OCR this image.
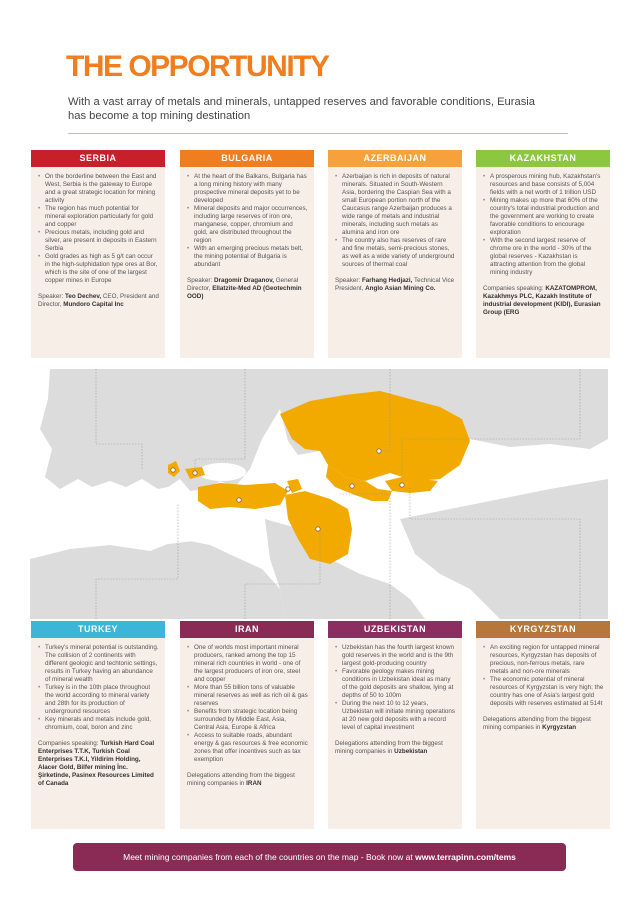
THE OPPORTUNITY
With a vast array of metals and minerals, untapped reserves and favorable conditions, Eurasia has become a top mining destination
SERBIA
• On the borderline between the East and West, Serbia is the gateway to Europe and a great strategic location for mining activity
• The region has much potential for mineral exploration particularly for gold and copper
• Precious metals, including gold and silver, are present in deposits in Eastern Serbia
• Gold grades as high as 5 g/t can occur in the high-sulphidation type ores at Bor, which is the site of one of the largest copper mines in Europe
Speaker: Teo Dechev, CEO, President and Director, Mundoro Capital Inc
BULGARIA
• At the heart of the Balkans, Bulgaria has a long mining history with many prospective mineral deposits yet to be developed
• Mineral deposits and major occurrences, including large reserves of iron ore, manganese, copper, chromium and gold, are distributed throughout the region
• With an emerging precious metals belt, the mining potential of Bulgaria is abundant
Speaker: Dragomir Draganov, General Director, Ellatzite-Med AD (Geotechmin OOD)
AZERBAIJAN
• Azerbaijan is rich in deposits of natural minerals. Situated in South-Western Asia, bordering the Caspian Sea with a small European portion north of the Caucasus range Azerbaijan produces a wide range of metals and industrial minerals, including such metals as alumina and iron ore
• The country also has reserves of rare and fine metals, semi-precious stones, as well as a wide variety of underground sources of thermal coal
Speaker: Farhang Hedjazi, Technical Vice President, Anglo Asian Mining Co.
KAZAKHSTAN
• A prosperous mining hub, Kazakhstan's resources and base consists of 5,004 fields with a net worth of 1 trillion USD
• Mining makes up more that 60% of the country's total industrial production and the government are working to create favorable conditions to encourage exploration
• With the second largest reserve of chrome ore in the world - 30% of the global reserves - Kazakhstan is attracting attention from the global mining industry
Companies speaking: KAZATOMPROM, Kazakhmys PLC, Kazakh Institute of industrial development (KIDI), Eurasian Group (ERG
TURKEY
• Turkey's mineral potential is outstanding. The collision of 2 continents with different geologic and techtonic settings, results in Turkey having an abundance of mineral wealth
• Turkey is in the 10th place throughout the world according to mineral variety and 28th for its production of underground resources
• Key minerals and metals include gold, chromium, coal, boron and zinc
Companies speaking: Turkish Hard Coal Enterprises T.T.K, Turkish Coal Enterprises T.K.I, Yildirim Holding, Alacer Gold, Bilfer mining İnc. Şirketinde, Pasinex Resources Limited of Canada
IRAN
• One of worlds most important mineral producers, ranked among the top 15 mineral rich countries in world - one of the largest producers of iron ore, steel and copper
• More than 55 billion tons of valuable mineral reserves as well as rich oil & gas reserves
• Benefits from strategic location being surrounded by Middle East, Asia, Central Asia, Europe & Africa
• Access to suitable roads, abundant energy & gas resources & free economic zones that offer incentives such as tax exemption
Delegations attending from the biggest mining companies in IRAN
UZBEKISTAN
• Uzbekistan has the fourth largest known gold reserves in the world and is the 9th largest gold-producing country
• Favorable geology makes mining conditions in Uzbekistan ideal as many of the gold deposits are shallow, lying at depths of 50 to 100m
• During the next 10 to 12 years, Uzbekistan will initiate mining operations at 20 new gold deposits with a record level of capital investment
Delegations attending from the biggest mining companies in Uzbekistan
KYRGYZSTAN
• An exciting region for untapped mineral resources, Kyrgyzstan has deposits of precious, non-ferrous metals, rare metals and non-ore minerals
• The economic potential of mineral resources of Kyrgyzstan is very high; the country has one of Asia's largest gold deposits with reserves estimated at 514t
Delegations attending from the biggest mining companies in Kyrgyzstan
Meet mining companies from each of the countries on the map - Book now at www.terrapinn.com/tems
